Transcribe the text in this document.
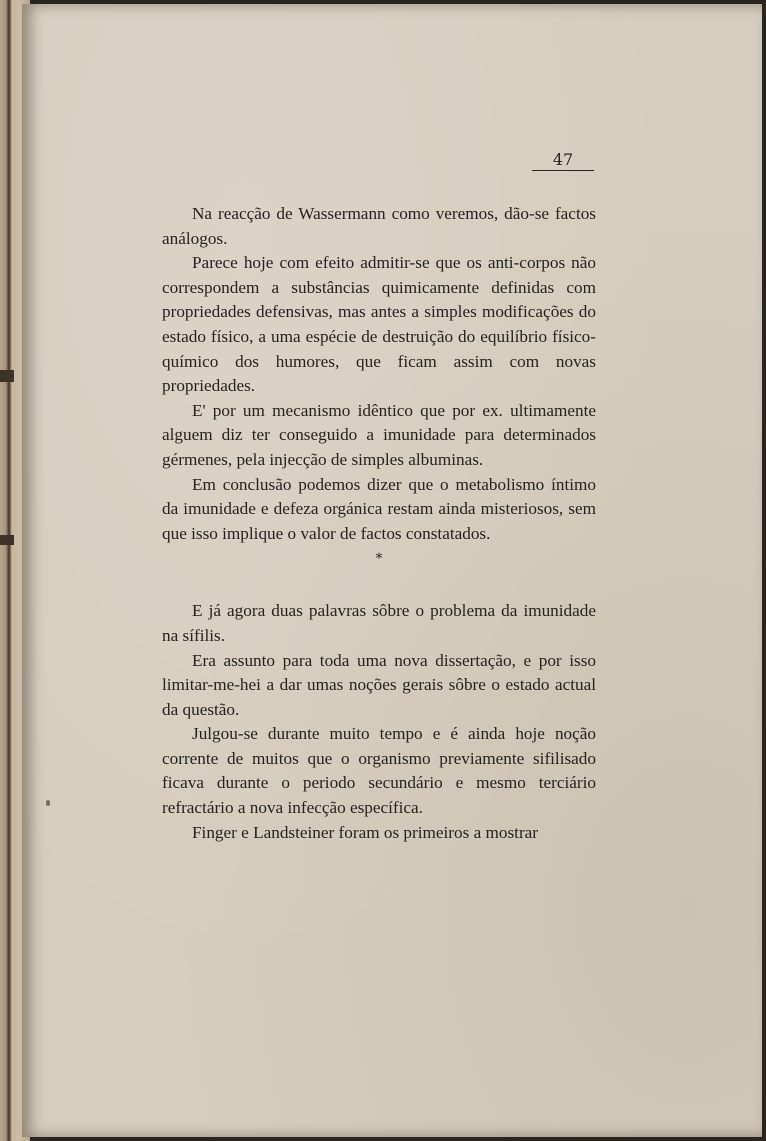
47

Na reacção de Wassermann como veremos, dão-se factos análogos.

Parece hoje com efeito admitir-se que os anti-corpos não correspondem a substâncias quimicamente definidas com propriedades defensivas, mas antes a simples modificações do estado físico, a uma espécie de destruição do equilíbrio físico-químico dos humores, que ficam assim com novas propriedades.

E' por um mecanismo idêntico que por ex. ultimamente alguem diz ter conseguido a imunidade para determinados gérmenes, pela injecção de simples albuminas.

Em conclusão podemos dizer que o metabolismo íntimo da imunidade e defeza orgánica restam ainda misteriosos, sem que isso implique o valor de factos constatados.

*

E já agora duas palavras sôbre o problema da imunidade na sífilis.

Era assunto para toda uma nova dissertação, e por isso limitar-me-hei a dar umas noções gerais sôbre o estado actual da questão.

Julgou-se durante muito tempo e é ainda hoje noção corrente de muitos que o organismo previamente sifilisado ficava durante o periodo secundário e mesmo terciário refractário a nova infecção específica.

Finger e Landsteiner foram os primeiros a mostrar
